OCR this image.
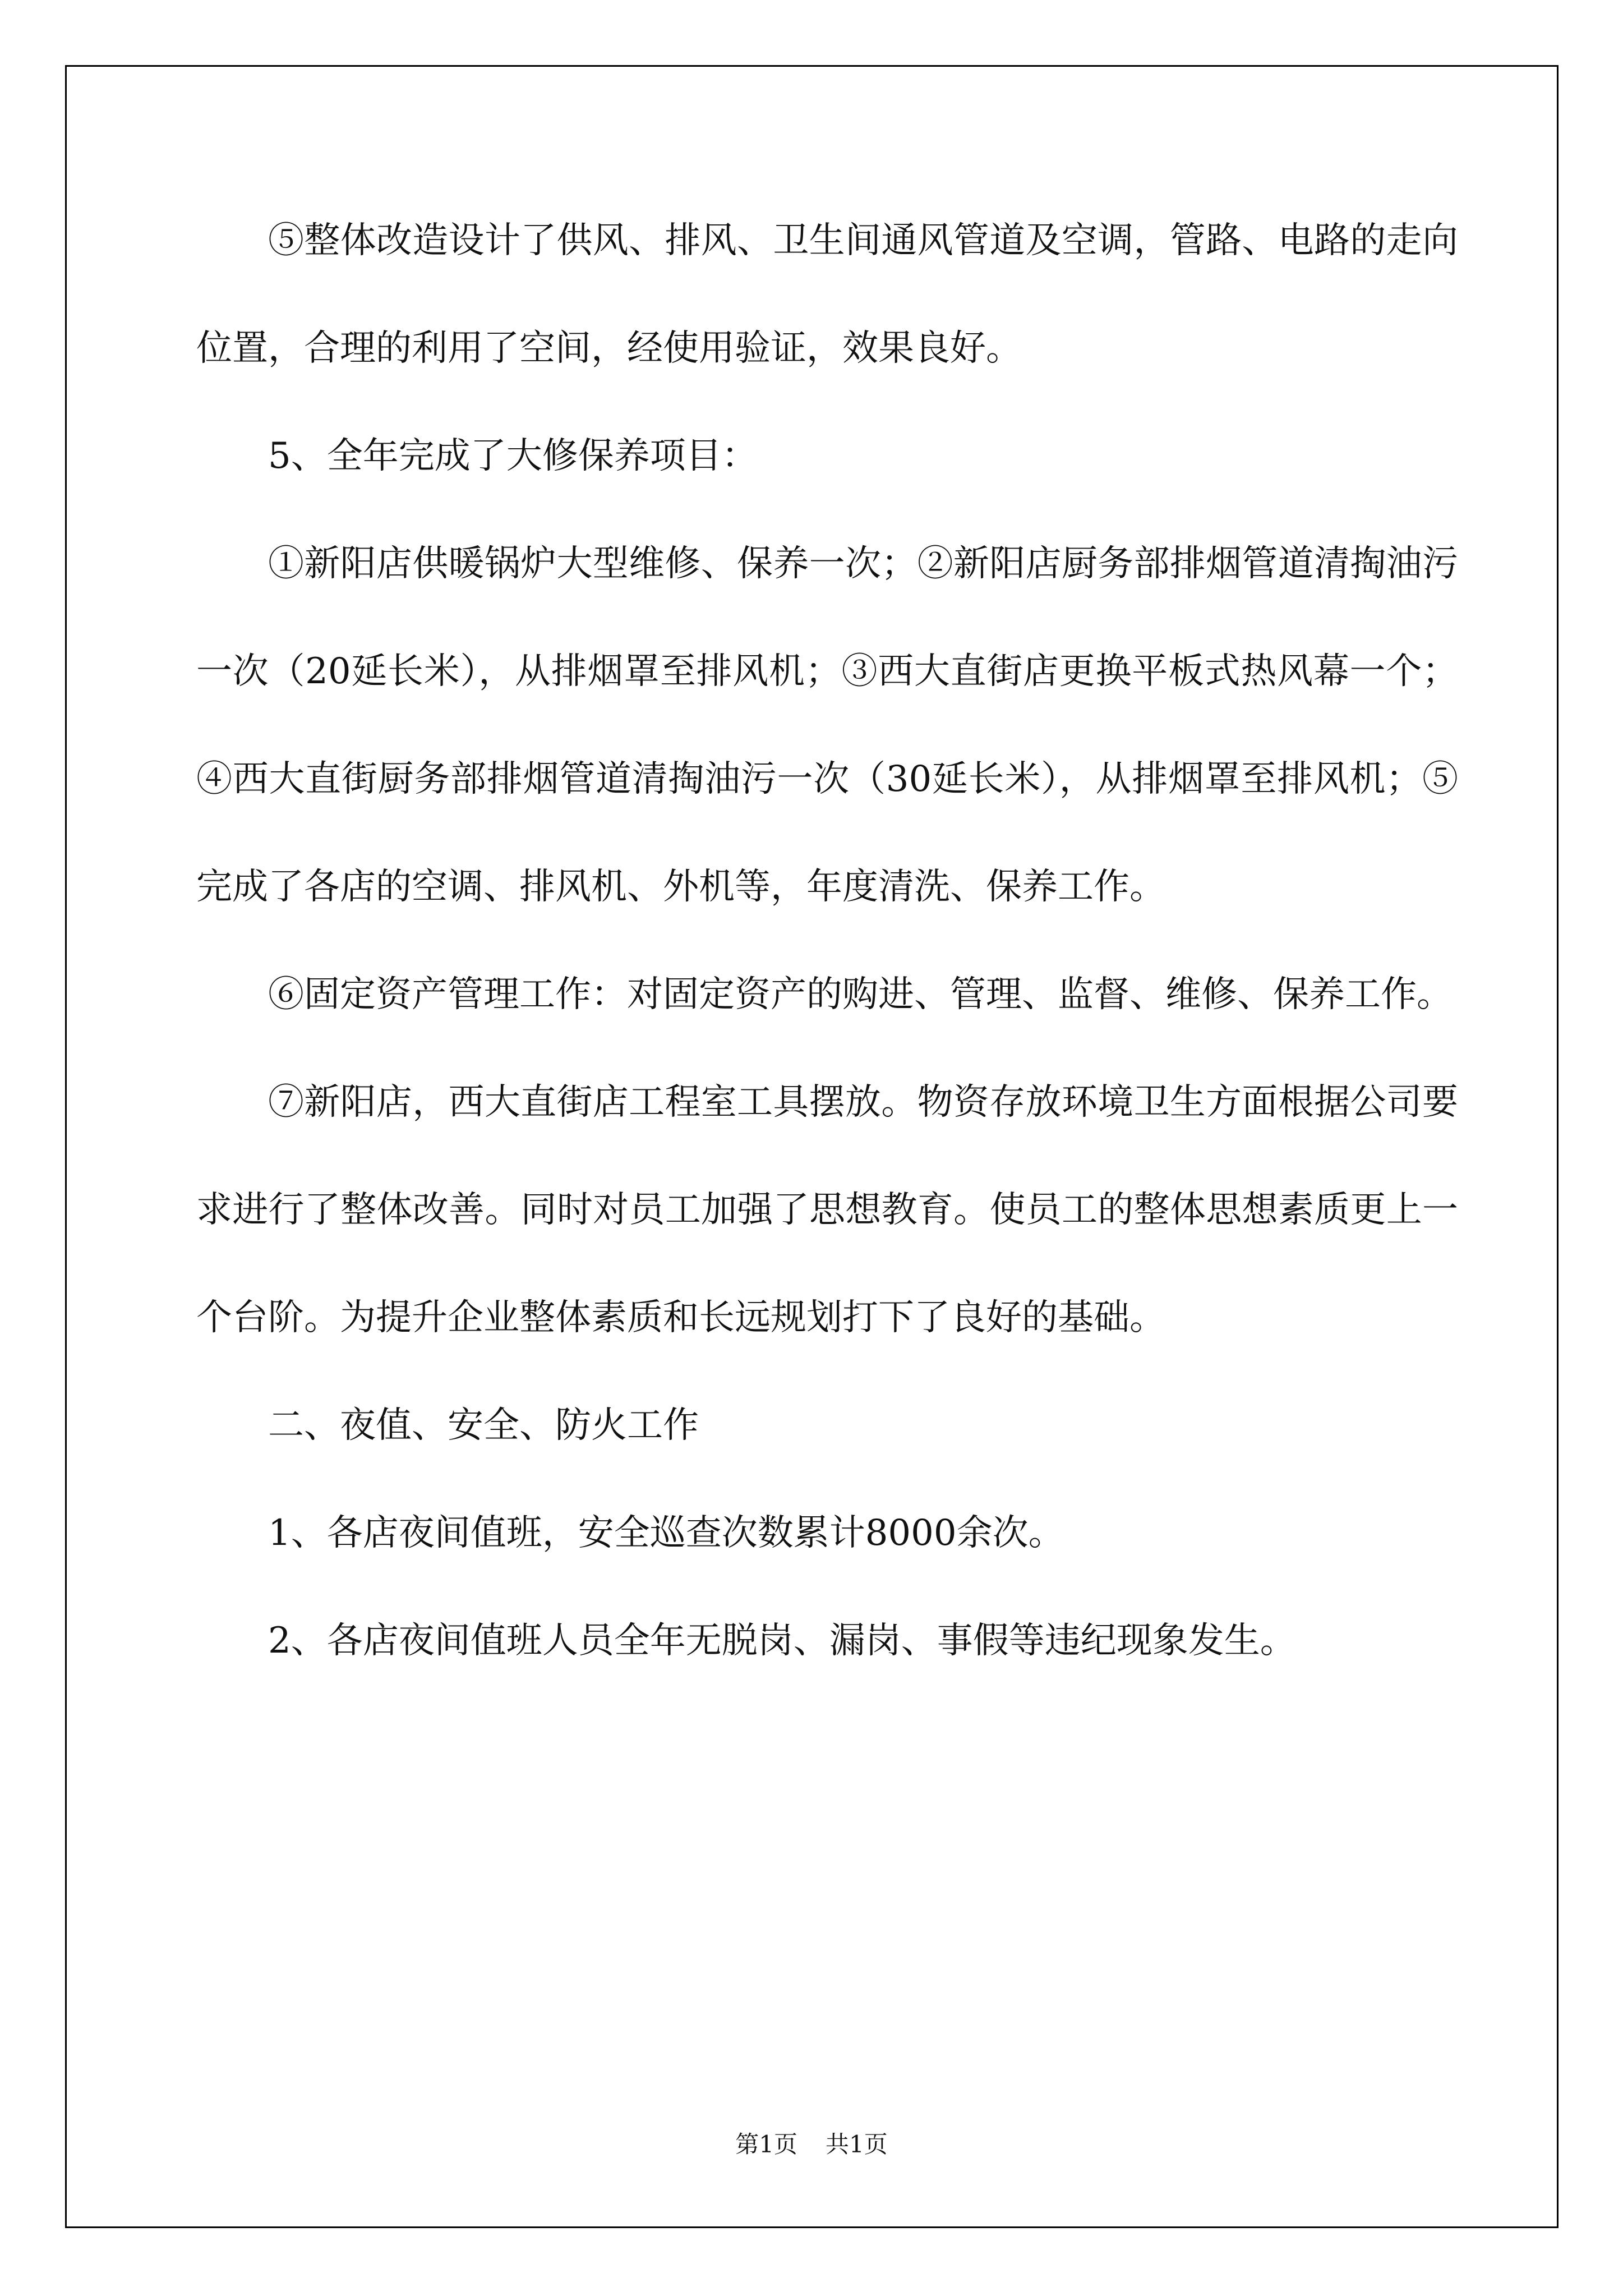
⑤整体改造设计了供风、排风、卫生间通风管道及空调，管路、电路的走向位置，合理的利用了空间，经使用验证，效果良好。

5、全年完成了大修保养项目：

①新阳店供暖锅炉大型维修、保养一次；②新阳店厨务部排烟管道清掏油污一次（20延长米），从排烟罩至排风机；③西大直街店更换平板式热风幕一个；④西大直街厨务部排烟管道清掏油污一次（30延长米），从排烟罩至排风机；⑤完成了各店的空调、排风机、外机等，年度清洗、保养工作。

⑥固定资产管理工作：对固定资产的购进、管理、监督、维修、保养工作。

⑦新阳店，西大直街店工程室工具摆放。物资存放环境卫生方面根据公司要求进行了整体改善。同时对员工加强了思想教育。使员工的整体思想素质更上一个台阶。为提升企业整体素质和长远规划打下了良好的基础。

二、夜值、安全、防火工作

1、各店夜间值班，安全巡查次数累计8000余次。

2、各店夜间值班人员全年无脱岗、漏岗、事假等违纪现象发生。

第1页 共1页
